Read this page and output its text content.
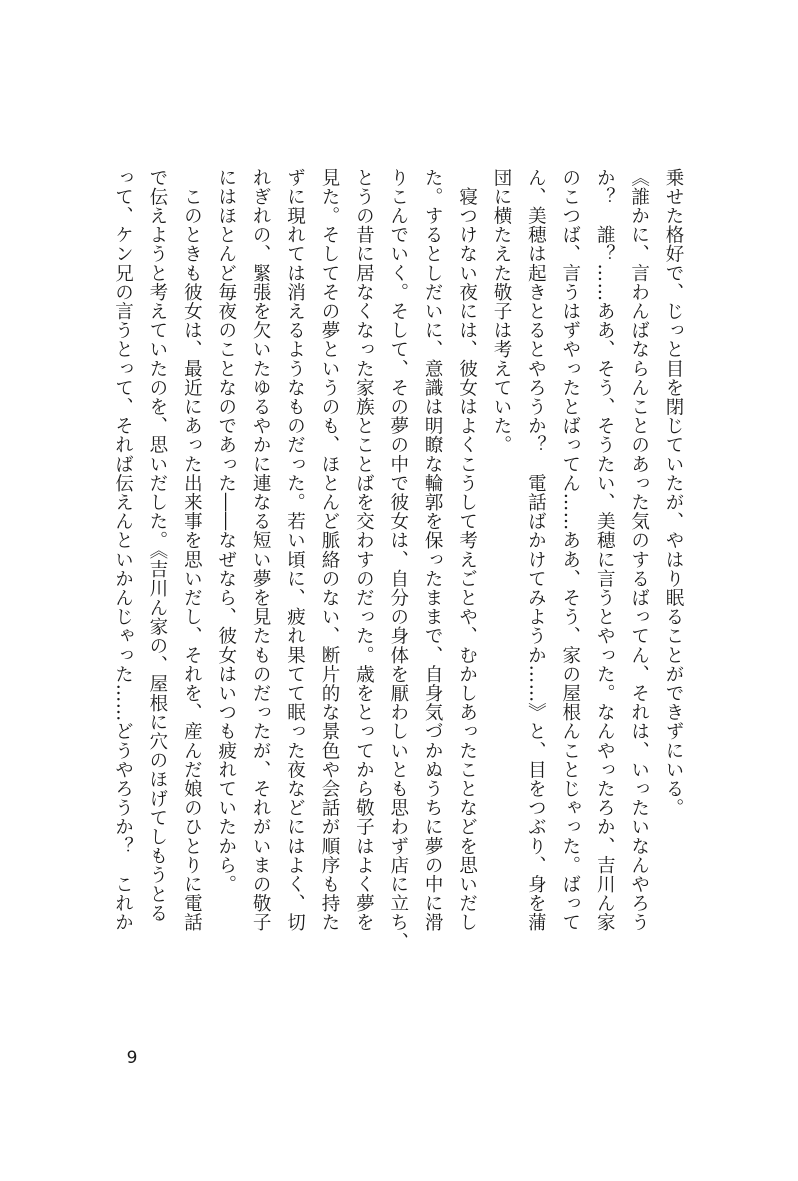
乗せた格好で、じっと目を閉じていたが、やはり眠ることができずにいる。
《誰かに、言わんばならんことのあった気のするばってん、それは、いったいなんやろう
か？　誰？……ああ、そう、そうたい、美穂に言うとやった。なんやったろか、吉川ん家
のこつば、言うはずやったとばってん……ああ、そう、家の屋根んことじゃった。ばって
ん、美穂は起きとるとやろうか？　電話ばかけてみようか……》と、目をつぶり、身を蒲
団に横たえた敬子は考えていた。
　寝つけない夜には、彼女はよくこうして考えごとや、むかしあったことなどを思いだし
た。するとしだいに、意識は明瞭な輪郭を保ったままで、自身気づかぬうちに夢の中に滑
りこんでいく。そして、その夢の中で彼女は、自分の身体を厭わしいとも思わず店に立ち、
とうの昔に居なくなった家族とことばを交わすのだった。歳をとってから敬子はよく夢を
見た。そしてその夢というのも、ほとんど脈絡のない、断片的な景色や会話が順序も持た
ずに現れては消えるようなものだった。若い頃に、疲れ果てて眠った夜などにはよく、切
れぎれの、緊張を欠いたゆるやかに連なる短い夢を見たものだったが、それがいまの敬子
にはほとんど毎夜のことなのであった――なぜなら、彼女はいつも疲れていたから。
　このときも彼女は、最近にあった出来事を思いだし、それを、産んだ娘のひとりに電話
で伝えようと考えていたのを、思いだした。《吉川ん家の、屋根に穴のほげてしもうとる
って、ケン兄の言うとって、それば伝えんといかんじゃった……どうやろうか？　これか
9
